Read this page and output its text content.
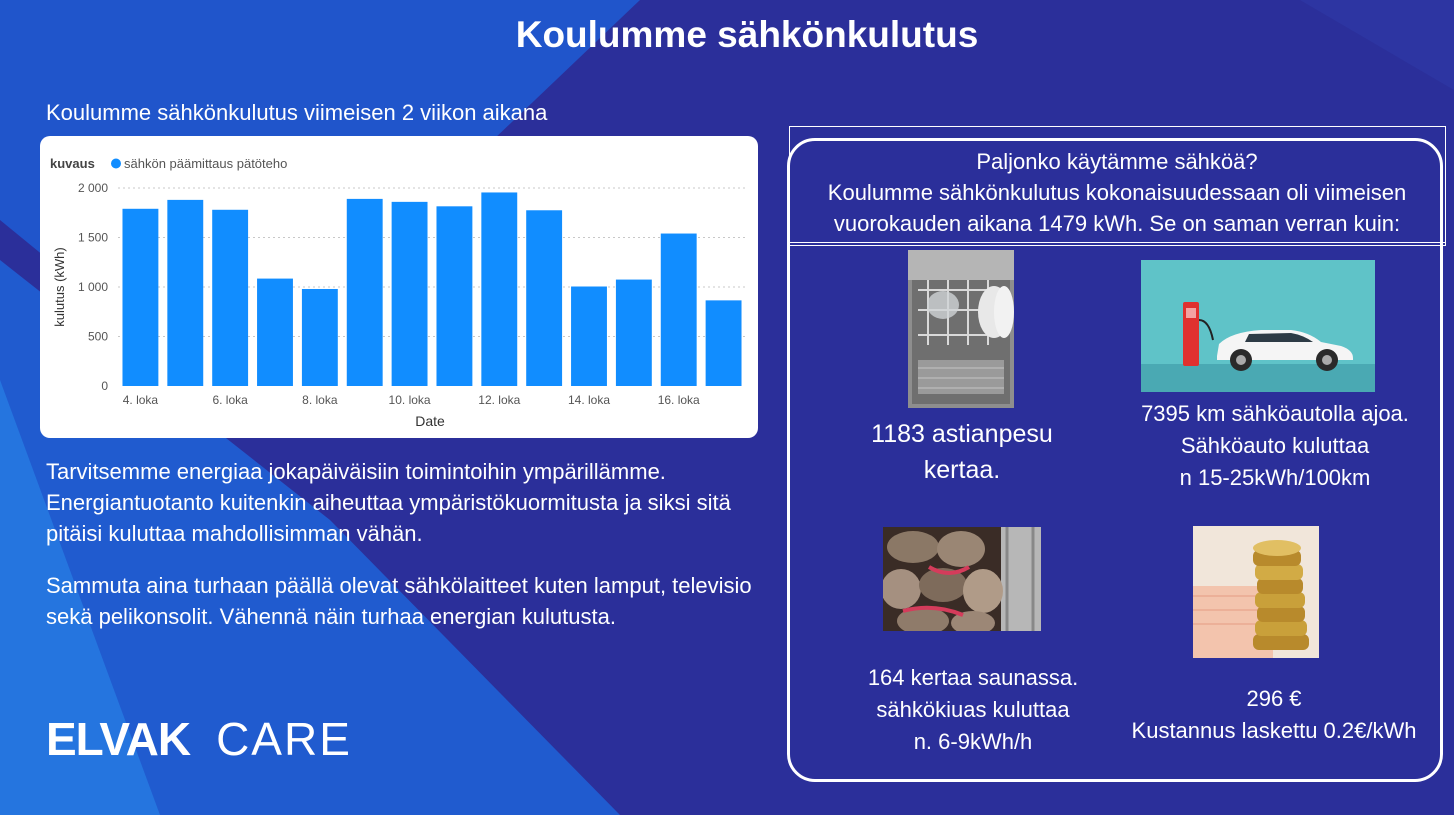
Koulumme sähkönkulutus
Koulumme sähkönkulutus viimeisen 2 viikon aikana
kuvaus sähkön päämittaus pätöteho
kulutus (kWh)
Date
0
500
1 000
1 500
2 000
4. loka	6. loka	8. loka	10. loka	12. loka	14. loka	16. loka
Tarvitsemme energiaa jokapäiväisiin toimintoihin ympärillämme. Energiantuotanto kuitenkin aiheuttaa ympäristökuormitusta ja siksi sitä pitäisi kuluttaa mahdollisimman vähän.
Sammuta aina turhaan päällä olevat sähkölaitteet kuten lamput, televisio sekä pelikonsolit. Vähennä näin turhaa energian kulutusta.
ELVAK CARE
Paljonko käytämme sähköä?
Koulumme sähkönkulutus kokonaisuudessaan oli viimeisen
vuorokauden aikana 1479 kWh. Se on saman verran kuin:
1183 astianpesu
kertaa.
7395 km sähköautolla ajoa.
Sähköauto kuluttaa
n 15-25kWh/100km
164 kertaa saunassa.
sähkökiuas kuluttaa
n. 6-9kWh/h
296 €
Kustannus laskettu 0.2€/kWh
